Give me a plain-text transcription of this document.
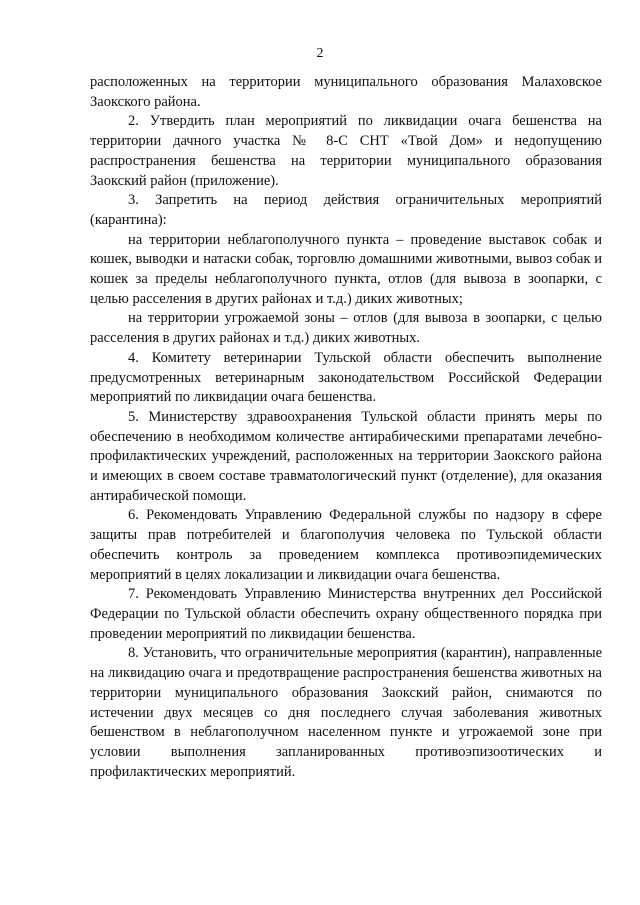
2

расположенных на территории муниципального образования Малаховское Заокского района.

2. Утвердить план мероприятий по ликвидации очага бешенства на территории дачного участка № 8-С СНТ «Твой Дом» и недопущению распространения бешенства на территории муниципального образования Заокский район (приложение).

3. Запретить на период действия ограничительных мероприятий (карантина):

на территории неблагополучного пункта – проведение выставок собак и кошек, выводки и натаски собак, торговлю домашними животными, вывоз собак и кошек за пределы неблагополучного пункта, отлов (для вывоза в зоопарки, с целью расселения в других районах и т.д.) диких животных;

на территории угрожаемой зоны – отлов (для вывоза в зоопарки, с целью расселения в других районах и т.д.) диких животных.

4. Комитету ветеринарии Тульской области обеспечить выполнение предусмотренных ветеринарным законодательством Российской Федерации мероприятий по ликвидации очага бешенства.

5. Министерству здравоохранения Тульской области принять меры по обеспечению в необходимом количестве антирабическими препаратами лечебно-профилактических учреждений, расположенных на территории Заокского района и имеющих в своем составе травматологический пункт (отделение), для оказания антирабической помощи.

6. Рекомендовать Управлению Федеральной службы по надзору в сфере защиты прав потребителей и благополучия человека по Тульской области обеспечить контроль за проведением комплекса противоэпидемических мероприятий в целях локализации и ликвидации очага бешенства.

7. Рекомендовать Управлению Министерства внутренних дел Российской Федерации по Тульской области обеспечить охрану общественного порядка при проведении мероприятий по ликвидации бешенства.

8. Установить, что ограничительные мероприятия (карантин), направленные на ликвидацию очага и предотвращение распространения бешенства животных на территории муниципального образования Заокский район, снимаются по истечении двух месяцев со дня последнего случая заболевания животных бешенством в неблагополучном населенном пункте и угрожаемой зоне при условии выполнения запланированных противоэпизоотических и профилактических мероприятий.
